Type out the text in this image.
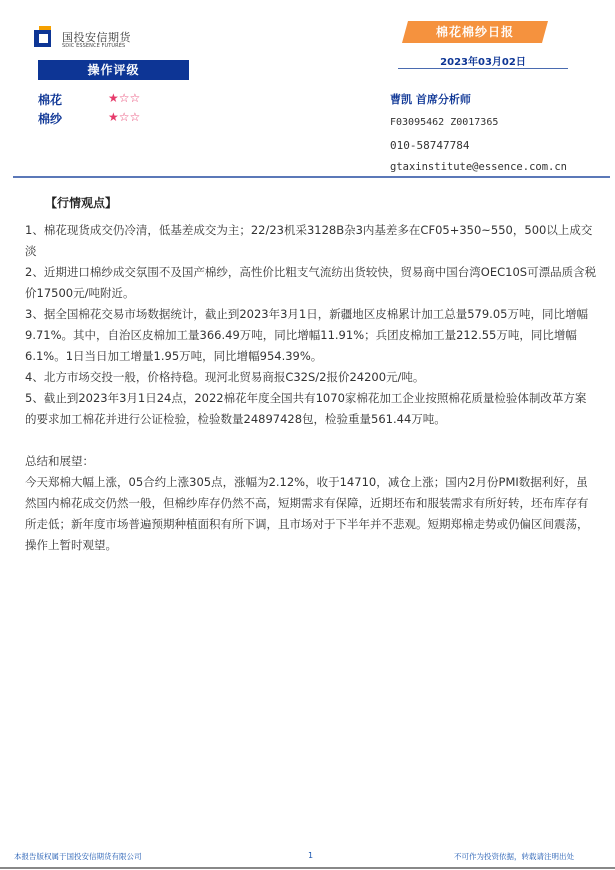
国投安信期货
SDIC ESSENCE FUTURES
操作评级
棉花	★☆☆
棉纱	★☆☆
棉花棉纱日报
2023年03月02日
曹凯 首席分析师
F03095462 Z0017365
010-58747784
gtaxinstitute@essence.com.cn
【行情观点】
1、棉花现货成交仍冷清，低基差成交为主；22/23机采3128B杂3内基差多在CF05+350~550，500以上成交淡
2、近期进口棉纱成交氛围不及国产棉纱，高性价比粗支气流纺出货较快，贸易商中国台湾OEC10S可漂品质含税价17500元/吨附近。
3、据全国棉花交易市场数据统计，截止到2023年3月1日，新疆地区皮棉累计加工总量579.05万吨，同比增幅9.71%。其中，自治区皮棉加工量366.49万吨，同比增幅11.91%；兵团皮棉加工量212.55万吨，同比增幅6.1%。1日当日加工增量1.95万吨，同比增幅954.39%。
4、北方市场交投一般，价格持稳。现河北贸易商报C32S/2报价24200元/吨。
5、截止到2023年3月1日24点，2022棉花年度全国共有1070家棉花加工企业按照棉花质量检验体制改革方案的要求加工棉花并进行公证检验，检验数量24897428包，检验重量561.44万吨。
总结和展望：
今天郑棉大幅上涨，05合约上涨305点，涨幅为2.12%，收于14710，减仓上涨；国内2月份PMI数据利好，虽然国内棉花成交仍然一般，但棉纱库存仍然不高，短期需求有保障，近期坯布和服装需求有所好转，坯布库存有所走低；新年度市场普遍预期种植面积有所下调，且市场对于下半年并不悲观。短期郑棉走势或仍偏区间震荡，操作上暂时观望。
本报告版权属于国投安信期货有限公司	1	不可作为投资依据，转载请注明出处
